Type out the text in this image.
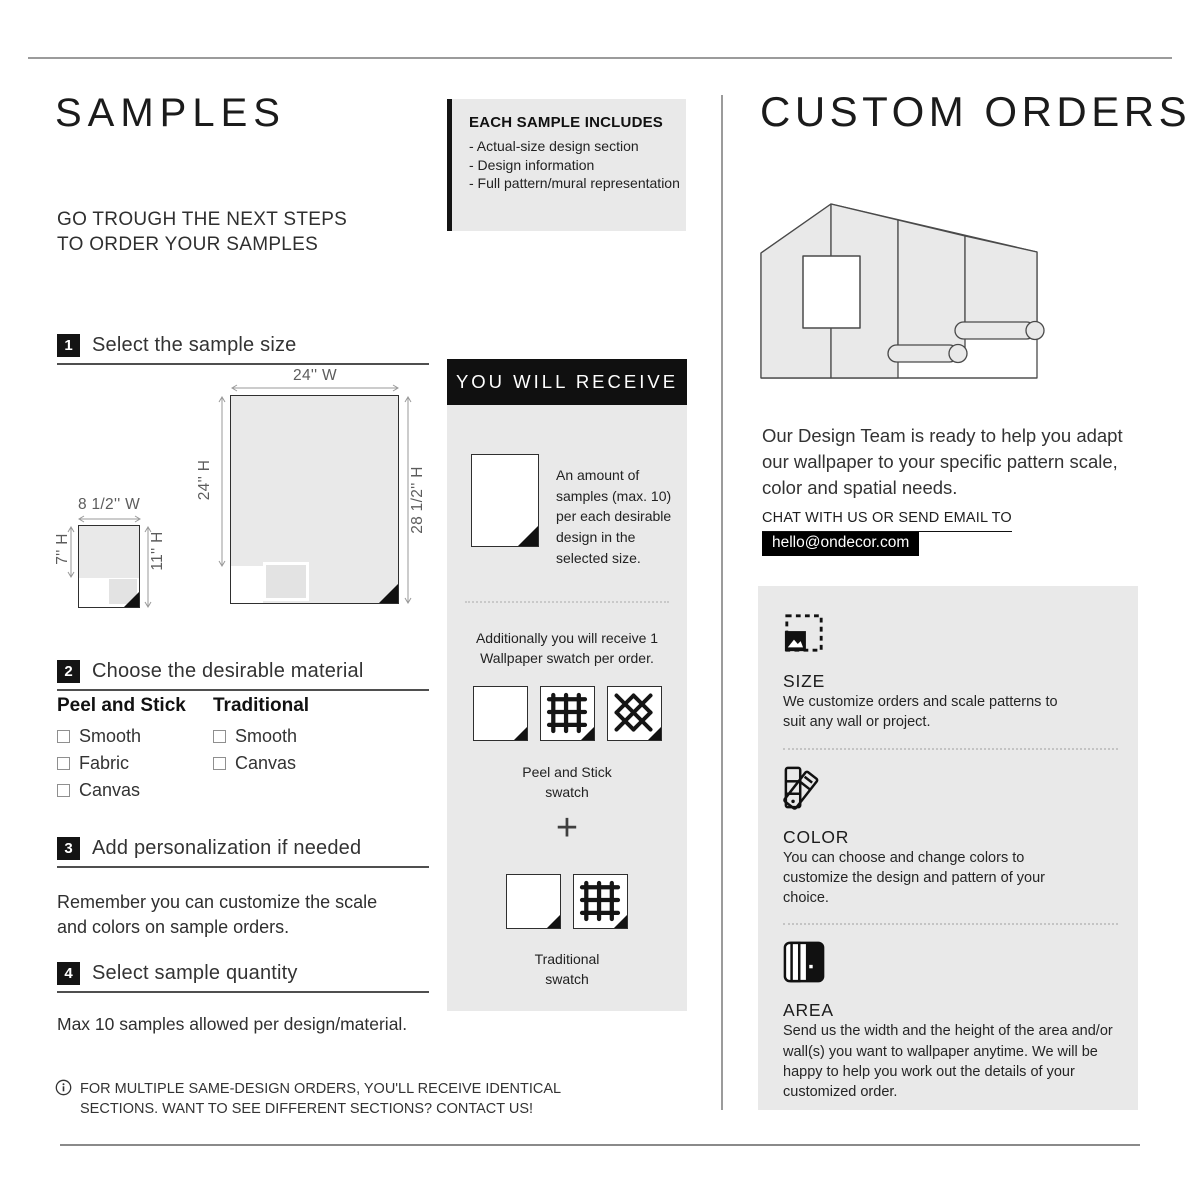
SAMPLES

GO TROUGH THE NEXT STEPS TO ORDER YOUR SAMPLES

EACH SAMPLE INCLUDES
- Actual-size design section
- Design information
- Full pattern/mural representation
1 Select the sample size
2 Choose the desirable material
3 Add personalization if needed
4 Select sample quantity
8 1/2'' W
7'' H	11'' H
24'' W
24'' H	28 1/2'' H
Peel and Stick
Smooth
Fabric
Canvas
Traditional
Smooth
Canvas

Remember you can customize the scale and colors on sample orders.

Max 10 samples allowed per design/material.

FOR MULTIPLE SAME-DESIGN ORDERS, YOU'LL RECEIVE IDENTICAL SECTIONS. WANT TO SEE DIFFERENT SECTIONS? CONTACT US!

YOU WILL RECEIVE

An amount of samples (max. 10) per each desirable design in the selected size.

Additionally you will receive 1 Wallpaper swatch per order.

Peel and Stick swatch
+
Traditional swatch
CUSTOM ORDERS

Our Design Team is ready to help you adapt our wallpaper to your specific pattern scale, color and spatial needs.

CHAT WITH US OR SEND EMAIL TO
hello@ondecor.com
SIZE

We customize orders and scale patterns to suit any wall or project.

COLOR

You can choose and change colors to customize the design and pattern of your choice.

AREA

Send us the width and the height of the area and/or wall(s) you want to wallpaper anytime. We will be happy to help you work out the details of your customized order.
